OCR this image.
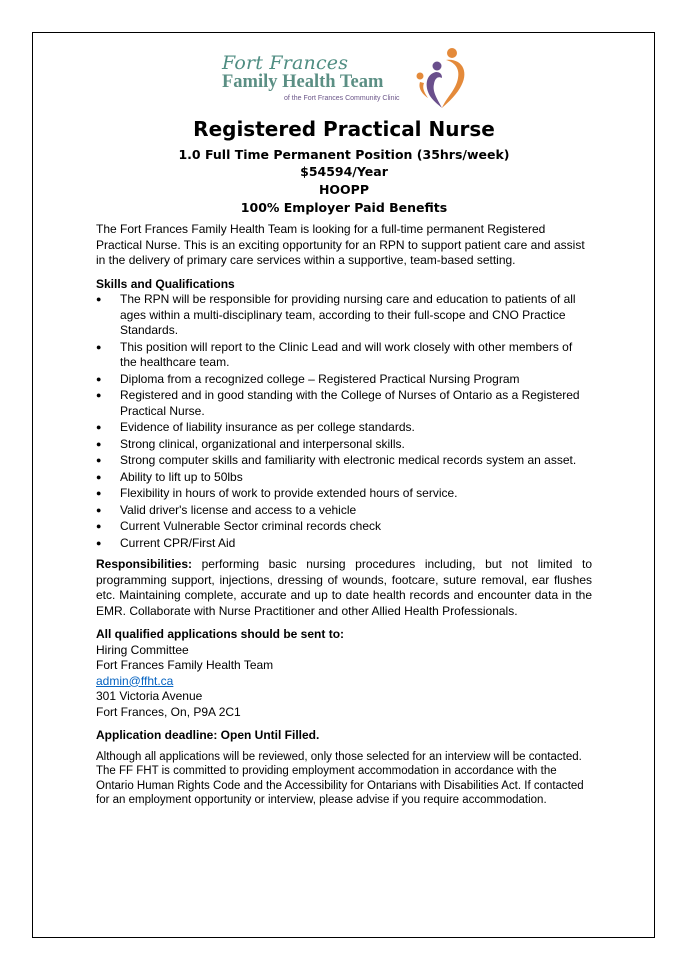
Fort Frances
Family Health Team
of the Fort Frances Community Clinic
Registered Practical Nurse
1.0 Full Time Permanent Position (35hrs/week)
$54594/Year
HOOPP
100% Employer Paid Benefits

The Fort Frances Family Health Team is looking for a full-time permanent Registered Practical Nurse. This is an exciting opportunity for an RPN to support patient care and assist in the delivery of primary care services within a supportive, team-based setting.

Skills and Qualifications

● The RPN will be responsible for providing nursing care and education to patients of all ages within a multi-disciplinary team, according to their full-scope and CNO Practice Standards.
● This position will report to the Clinic Lead and will work closely with other members of the healthcare team.
● Diploma from a recognized college – Registered Practical Nursing Program
● Registered and in good standing with the College of Nurses of Ontario as a Registered Practical Nurse.
● Evidence of liability insurance as per college standards.
● Strong clinical, organizational and interpersonal skills.
● Strong computer skills and familiarity with electronic medical records system an asset.
● Ability to lift up to 50lbs
● Flexibility in hours of work to provide extended hours of service.
● Valid driver's license and access to a vehicle
● Current Vulnerable Sector criminal records check
● Current CPR/First Aid

Responsibilities: performing basic nursing procedures including, but not limited to programming support, injections, dressing of wounds, footcare, suture removal, ear flushes etc. Maintaining complete, accurate and up to date health records and encounter data in the EMR. Collaborate with Nurse Practitioner and other Allied Health Professionals.

All qualified applications should be sent to:

Hiring Committee

Fort Frances Family Health Team

admin@ffht.ca

301 Victoria Avenue

Fort Frances, On, P9A 2C1

Application deadline: Open Until Filled.

Although all applications will be reviewed, only those selected for an interview will be contacted. The FF FHT is committed to providing employment accommodation in accordance with the Ontario Human Rights Code and the Accessibility for Ontarians with Disabilities Act. If contacted for an employment opportunity or interview, please advise if you require accommodation.
